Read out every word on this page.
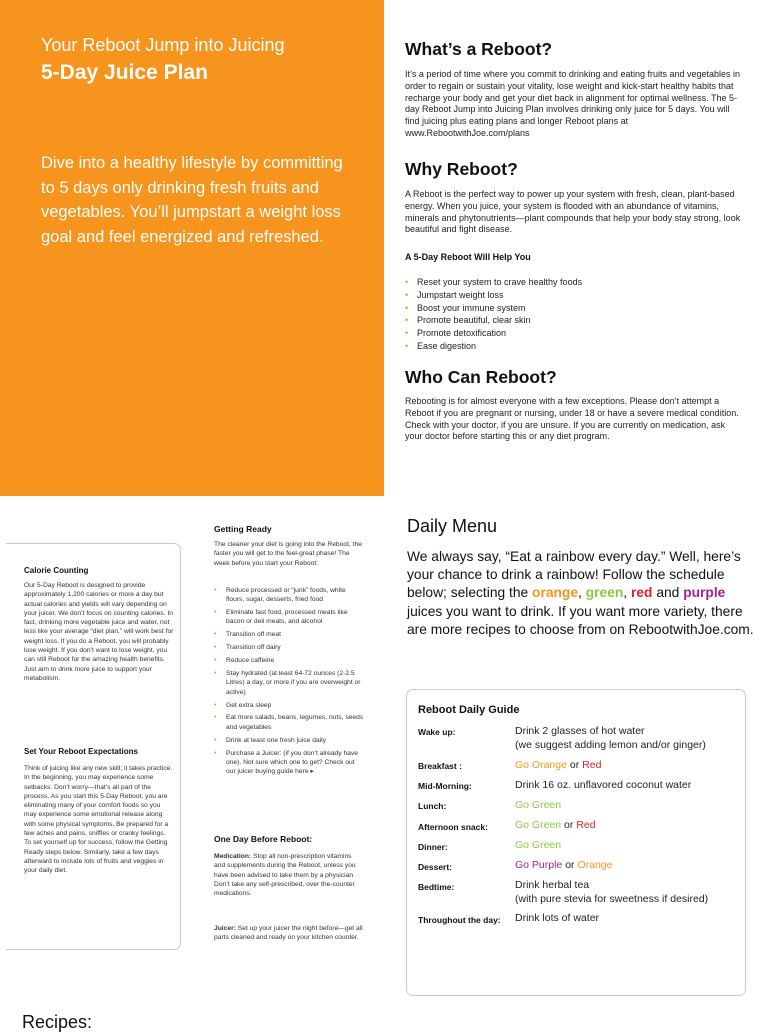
Your Reboot Jump into Juicing
5-Day Juice Plan

Dive into a healthy lifestyle by committing to 5 days only drinking fresh fruits and vegetables. You’ll jumpstart a weight loss goal and feel energized and refreshed.

What’s a Reboot?

It’s a period of time where you commit to drinking and eating fruits and vegetables in order to regain or sustain your vitality, lose weight and kick-start healthy habits that recharge your body and get your diet back in alignment for optimal wellness. The 5-day Reboot Jump into Juicing Plan involves drinking only juice for 5 days. You will find juicing plus eating plans and longer Reboot plans at www.RebootwithJoe.com/plans

Why Reboot?

A Reboot is the perfect way to power up your system with fresh, clean, plant-based energy. When you juice, your system is flooded with an abundance of vitamins, minerals and phytonutrients—plant compounds that help your body stay strong, look beautiful and fight disease.

A 5-Day Reboot Will Help You
• Reset your system to crave healthy foods
• Jumpstart weight loss
• Boost your immune system
• Promote beautiful, clear skin
• Promote detoxification
• Ease digestion
Who Can Reboot?

Rebooting is for almost everyone with a few exceptions. Please don’t attempt a Reboot if you are pregnant or nursing, under 18 or have a severe medical condition. Check with your doctor, if you are unsure. If you are currently on medication, ask your doctor before starting this or any diet program.

Calorie Counting

Our 5-Day Reboot is designed to provide approximately 1,200 calories or more a day but actual calories and yields will vary depending on your juicer. We don’t focus on counting calories. In fact, drinking more vegetable juice and water, not less like your average “diet plan,” will work best for weight loss. If you do a Reboot, you will probably lose weight. If you don’t want to lose weight, you can still Reboot for the amazing health benefits. Just aim to drink more juice to support your metabolism.

Set Your Reboot Expectations

Think of juicing like any new skill; it takes practice. In the beginning, you may experience some setbacks. Don’t worry—that’s all part of the process. As you start this 5-Day Reboot, you are eliminating many of your comfort foods so you may experience some emotional release along with some physical symptoms. Be prepared for a few aches and pains, sniffles or cranky feelings. To set yourself up for success, follow the Getting Ready steps below. Similarly, take a few days afterward to include lots of fruits and veggies in your daily diet.

Getting Ready

The cleaner your diet is going into the Reboot, the faster you will get to the feel-great phase! The week before you start your Reboot:

• Reduce processed or “junk” foods, white flours, sugar, desserts, fried food
• Eliminate fast food, processed meats like bacon or deli meats, and alcohol
• Transition off meat
• Transition off dairy
• Reduce caffeine
• Stay hydrated (at least 64-72 ounces (2-2.5 Litres) a day, or more if you are overweight or active)
• Get extra sleep
• Eat more salads, beans, legumes, nuts, seeds and vegetables
• Drink at least one fresh juice daily
• Purchase a Juicer: (if you don’t already have one). Not sure which one to get? Check out our juicer buying guide here ▸
One Day Before Reboot:

Medication: Stop all non-prescription vitamins and supplements during the Reboot, unless you have been advised to take them by a physician Don’t take any self-prescribed, over the-counter medications.

Juicer: Set up your juicer the night before—get all parts cleaned and ready on your kitchen counter.

Daily Menu

We always say, “Eat a rainbow every day.” Well, here’s your chance to drink a rainbow! Follow the schedule below; selecting the orange, green, red and purple juices you want to drink. If you want more variety, there are more recipes to choose from on RebootwithJoe.com.

Reboot Daily Guide
Wake up:	Drink 2 glasses of hot water
(we suggest adding lemon and/or ginger)
Breakfast :	Go Orange or Red
Mid-Morning:	Drink 16 oz. unflavored coconut water
Lunch:	Go Green
Afternoon snack:	Go Green or Red
Dinner:	Go Green
Dessert:	Go Purple or Orange
Bedtime:	Drink herbal tea
(with pure stevia for sweetness if desired)
Throughout the day: Drink lots of water
Recipes:
